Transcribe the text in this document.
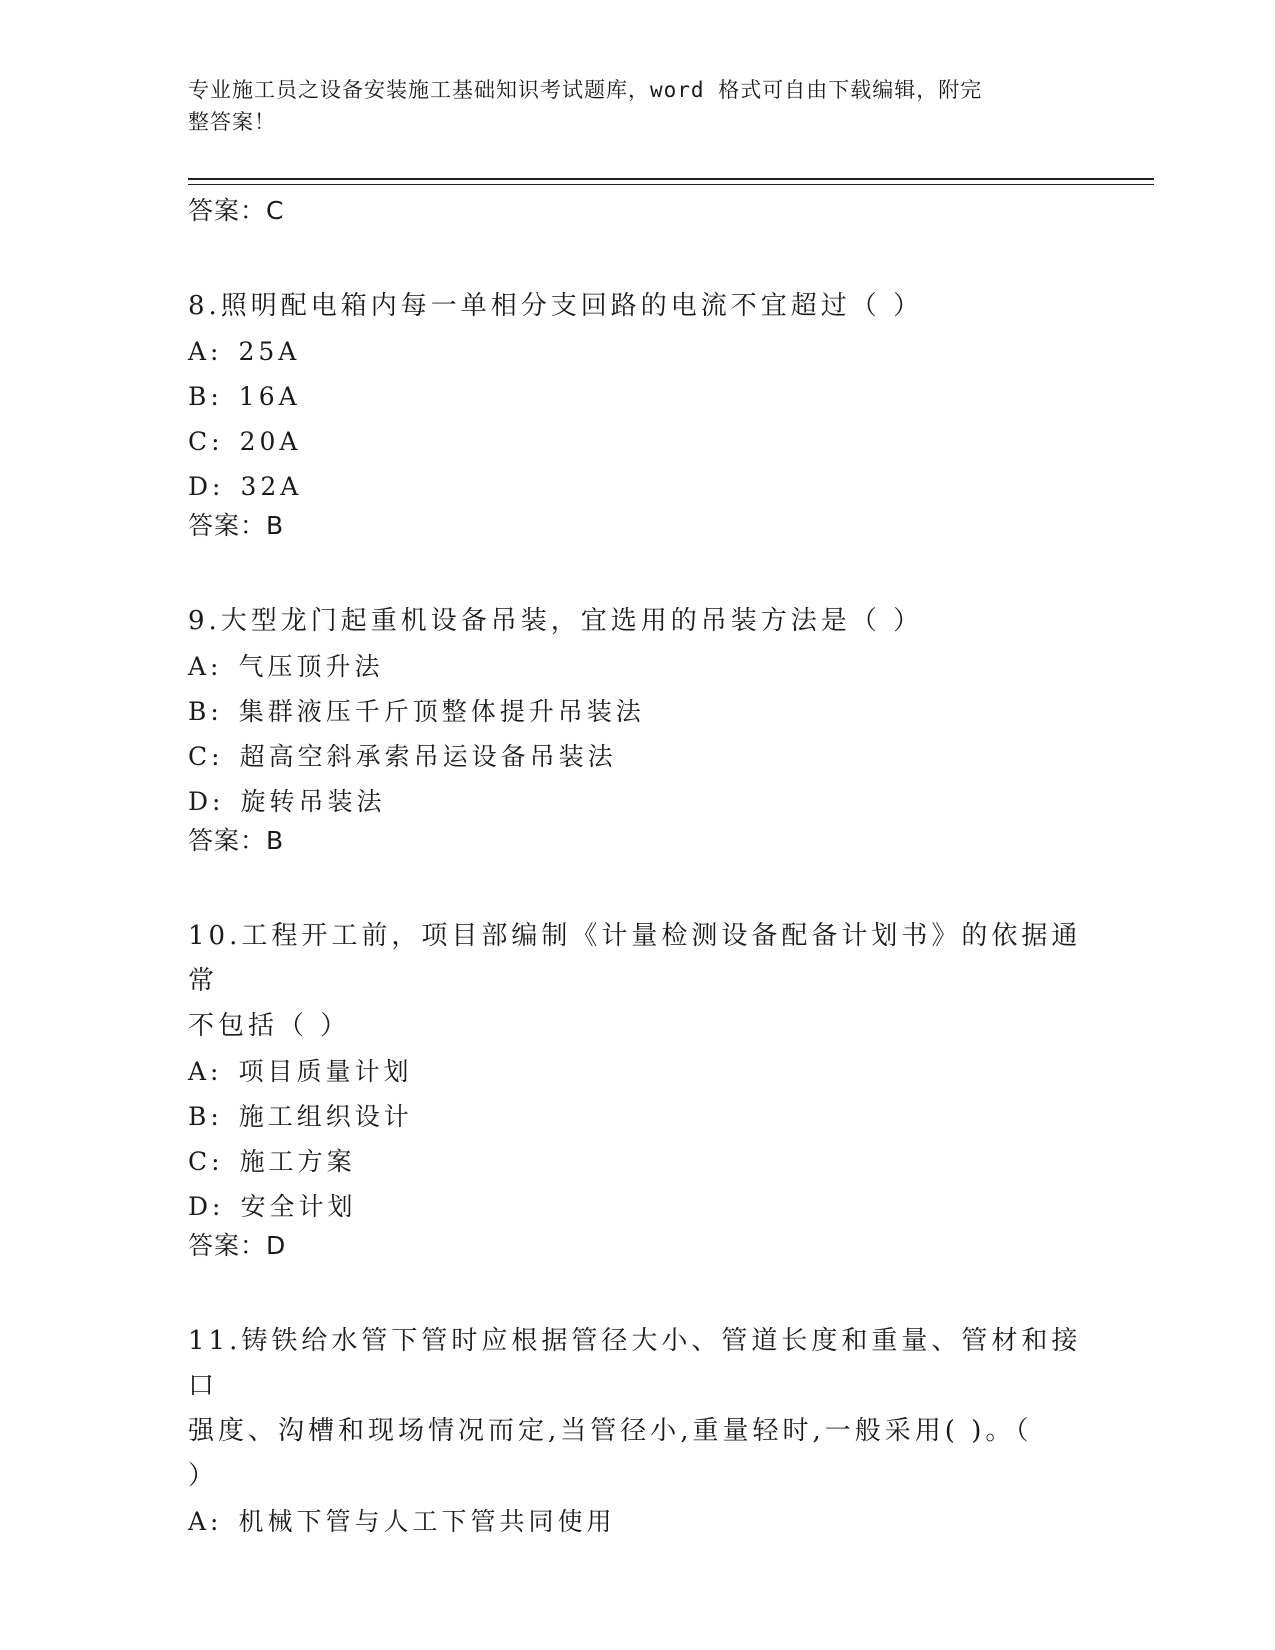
专业施工员之设备安装施工基础知识考试题库，word 格式可自由下载编辑，附完
整答案！

答案：C

8.照明配电箱内每一单相分支回路的电流不宜超过（ ）

A: 25A

B: 16A

C: 20A

D: 32A

答案：B

9.大型龙门起重机设备吊装，宜选用的吊装方法是（ ）

A: 气压顶升法

B: 集群液压千斤顶整体提升吊装法

C: 超高空斜承索吊运设备吊装法

D: 旋转吊装法

答案：B

10.工程开工前，项目部编制《计量检测设备配备计划书》的依据通常

不包括（ ）

A: 项目质量计划

B: 施工组织设计

C: 施工方案

D: 安全计划

答案：D

11.铸铁给水管下管时应根据管径大小、管道长度和重量、管材和接口

强度、沟槽和现场情况而定,当管径小,重量轻时,一般采用( )。（

）

A: 机械下管与人工下管共同使用
